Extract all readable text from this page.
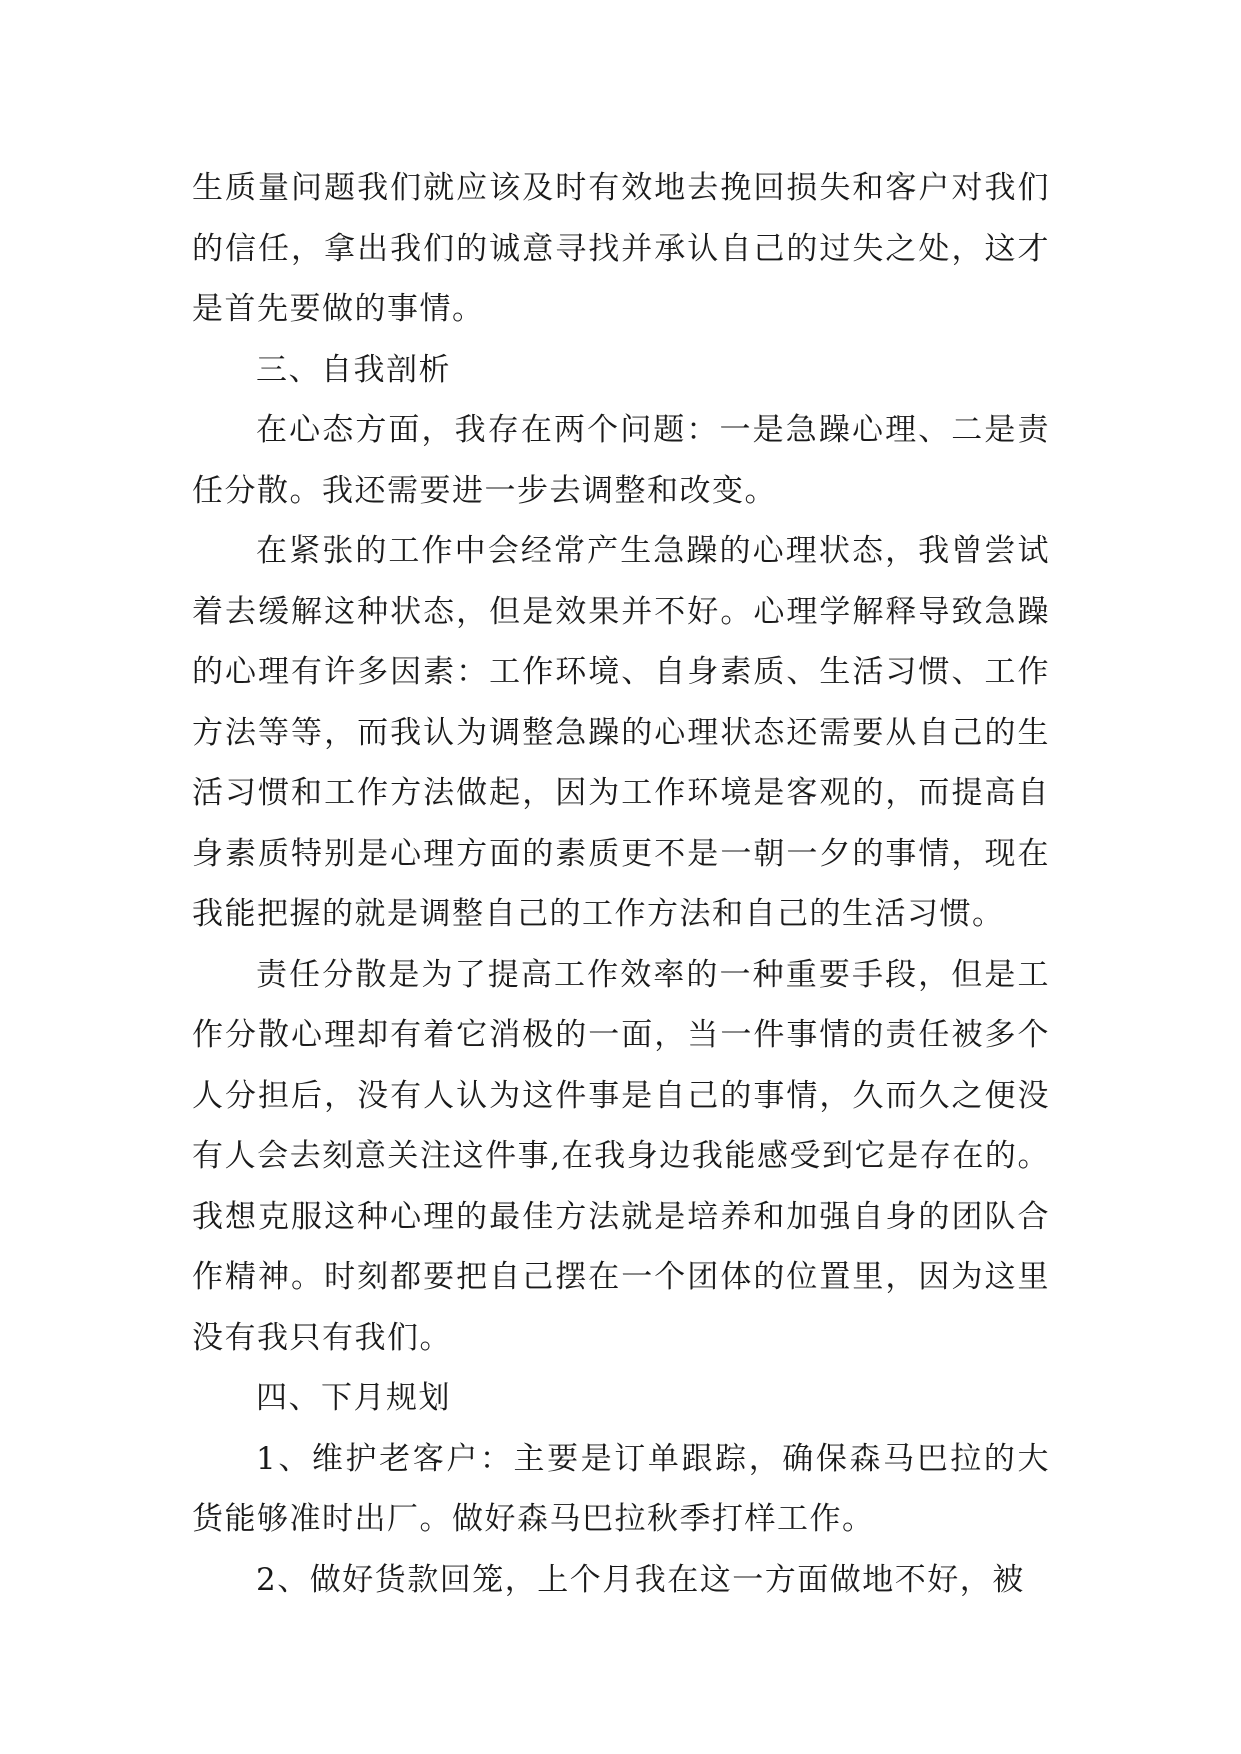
生质量问题我们就应该及时有效地去挽回损失和客户对我们的信任，拿出我们的诚意寻找并承认自己的过失之处，这才是首先要做的事情。

三、自我剖析

在心态方面，我存在两个问题：一是急躁心理、二是责任分散。我还需要进一步去调整和改变。

在紧张的工作中会经常产生急躁的心理状态，我曾尝试着去缓解这种状态，但是效果并不好。心理学解释导致急躁的心理有许多因素：工作环境、自身素质、生活习惯、工作方法等等，而我认为调整急躁的心理状态还需要从自己的生活习惯和工作方法做起，因为工作环境是客观的，而提高自身素质特别是心理方面的素质更不是一朝一夕的事情，现在我能把握的就是调整自己的工作方法和自己的生活习惯。

责任分散是为了提高工作效率的一种重要手段，但是工作分散心理却有着它消极的一面，当一件事情的责任被多个人分担后，没有人认为这件事是自己的事情，久而久之便没有人会去刻意关注这件事,在我身边我能感受到它是存在的。我想克服这种心理的最佳方法就是培养和加强自身的团队合作精神。时刻都要把自己摆在一个团体的位置里，因为这里没有我只有我们。

四、下月规划

1、维护老客户：主要是订单跟踪，确保森马巴拉的大货能够准时出厂。做好森马巴拉秋季打样工作。

2、做好货款回笼，上个月我在这一方面做地不好，被
